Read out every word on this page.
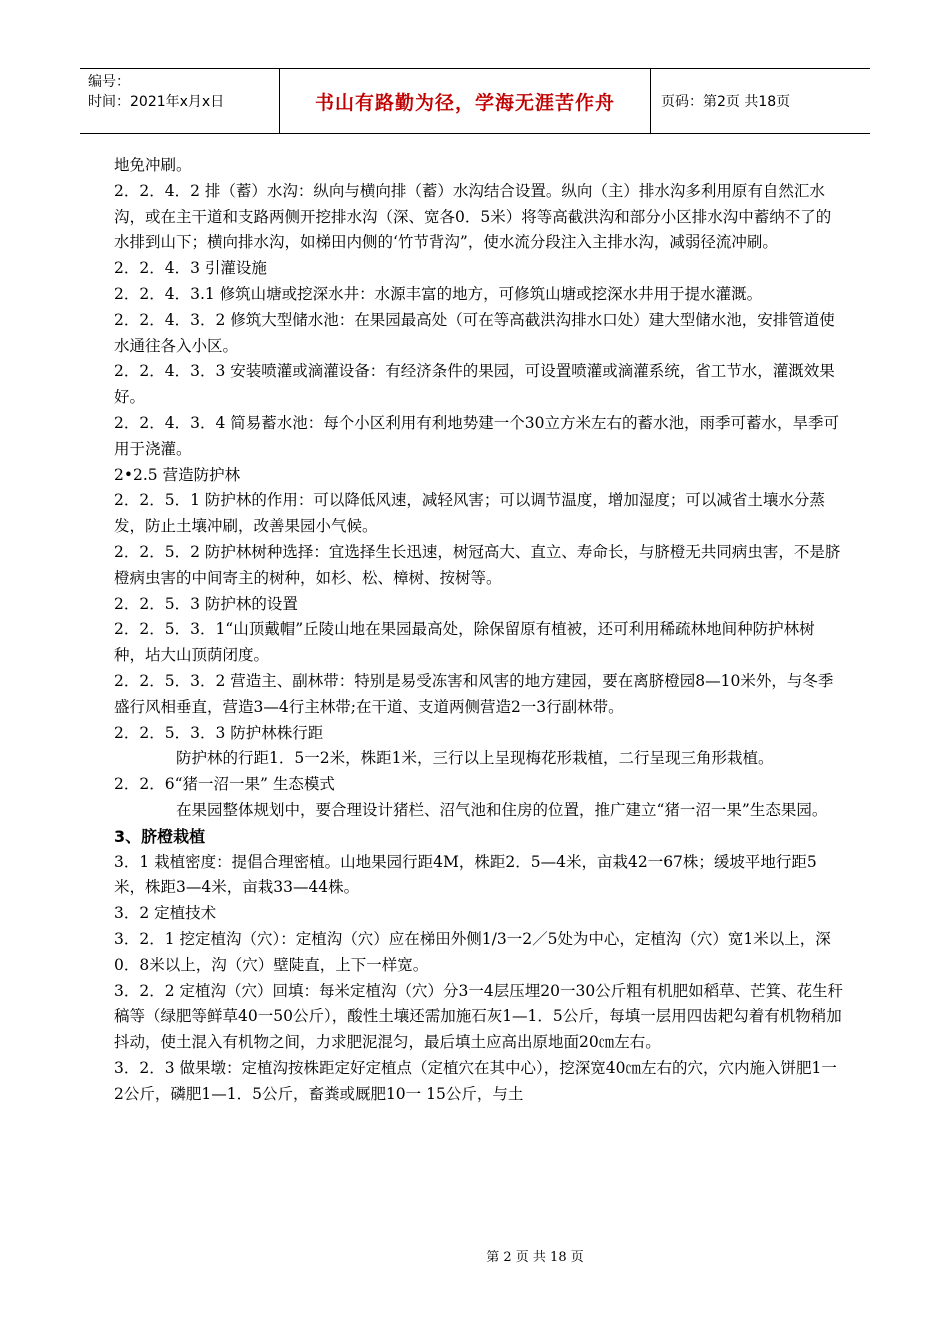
编号：
时间：2021年x月x日	书山有路勤为径，学海无涯苦作舟	页码：第2页 共18页

地免冲刷。

2．2．4．2 排（蓄）水沟：纵向与横向排（蓄）水沟结合设置。纵向（主）排水沟多利用原有自然汇水沟，或在主干道和支路两侧开挖排水沟（深、宽各0．5米）将等高截洪沟和部分小区排水沟中蓄纳不了的水排到山下；横向排水沟，如梯田内侧的‘竹节背沟”，使水流分段注入主排水沟，减弱径流冲刷。

2．2．4．3 引灌设施

2．2．4．3.1 修筑山塘或挖深水井：水源丰富的地方，可修筑山塘或挖深水井用于提水灌溉。

2．2．4．3．2 修筑大型储水池：在果园最高处（可在等高截洪沟排水口处）建大型储水池，安排管道使水通往各入小区。

2．2．4．3．3 安装喷灌或滴灌设备：有经济条件的果园，可设置喷灌或滴灌系统，省工节水，灌溉效果好。

2．2．4．3．4 简易蓄水池：每个小区利用有利地势建一个30立方米左右的蓄水池，雨季可蓄水，旱季可用于浇灌。

2•2.5 营造防护林

2．2．5．1 防护林的作用：可以降低风速，减轻风害；可以调节温度，增加湿度；可以减省土壤水分蒸发，防止土壤冲刷，改善果园小气候。

2．2．5．2 防护林树种选择：宜选择生长迅速，树冠高大、直立、寿命长，与脐橙无共同病虫害，不是脐橙病虫害的中间寄主的树种，如杉、松、樟树、按树等。

2．2．5．3 防护林的设置

2．2．5．3．1“山顶戴帽”丘陵山地在果园最高处，除保留原有植被，还可利用稀疏林地间种防护林树种，坫大山顶荫闭度。

2．2．5．3．2 营造主、副林带：特别是易受冻害和风害的地方建园，要在离脐橙园8—10米外，与冬季盛行风相垂直，营造3—4行主林带;在干道、支道两侧营造2一3行副林带。

2．2．5．3．3 防护林株行距

防护林的行距1．5一2米，株距1米，三行以上呈现梅花形栽植，二行呈现三角形栽植。

2．2．6“猪一沼一果” 生态模式

在果园整体规划中，要合理设计猪栏、沼气池和住房的位置，推广建立“猪一沼一果”生态果园。

3、脐橙栽植

3．1 栽植密度：提倡合理密植。山地果园行距4M，株距2．5—4米，亩栽42一67株；缓坡平地行距5米，株距3—4米，亩栽33—44株。

3．2 定植技术

3．2．1 挖定植沟（穴）：定植沟（穴）应在梯田外侧1/3一2／5处为中心，定植沟（穴）宽1米以上，深0．8米以上，沟（穴）壁陡直，上下一样宽。

3．2．2 定植沟（穴）回填：每米定植沟（穴）分3一4层压埋20一30公斤粗有机肥如稻草、芒箕、花生秆稿等（绿肥等鲜草40一50公斤），酸性土壤还需加施石灰1—1．5公斤，每填一层用四齿耙勾着有机物稍加抖动，使土混入有机物之间，力求肥泥混匀，最后填土应高出原地面20㎝左右。

3．2．3 做果墩：定植沟按株距定好定植点（定植穴在其中心），挖深宽40㎝左右的穴，穴内施入饼肥1一2公斤，磷肥1—1．5公斤，畜粪或厩肥10一 15公斤，与土

第 2 页 共 18 页
